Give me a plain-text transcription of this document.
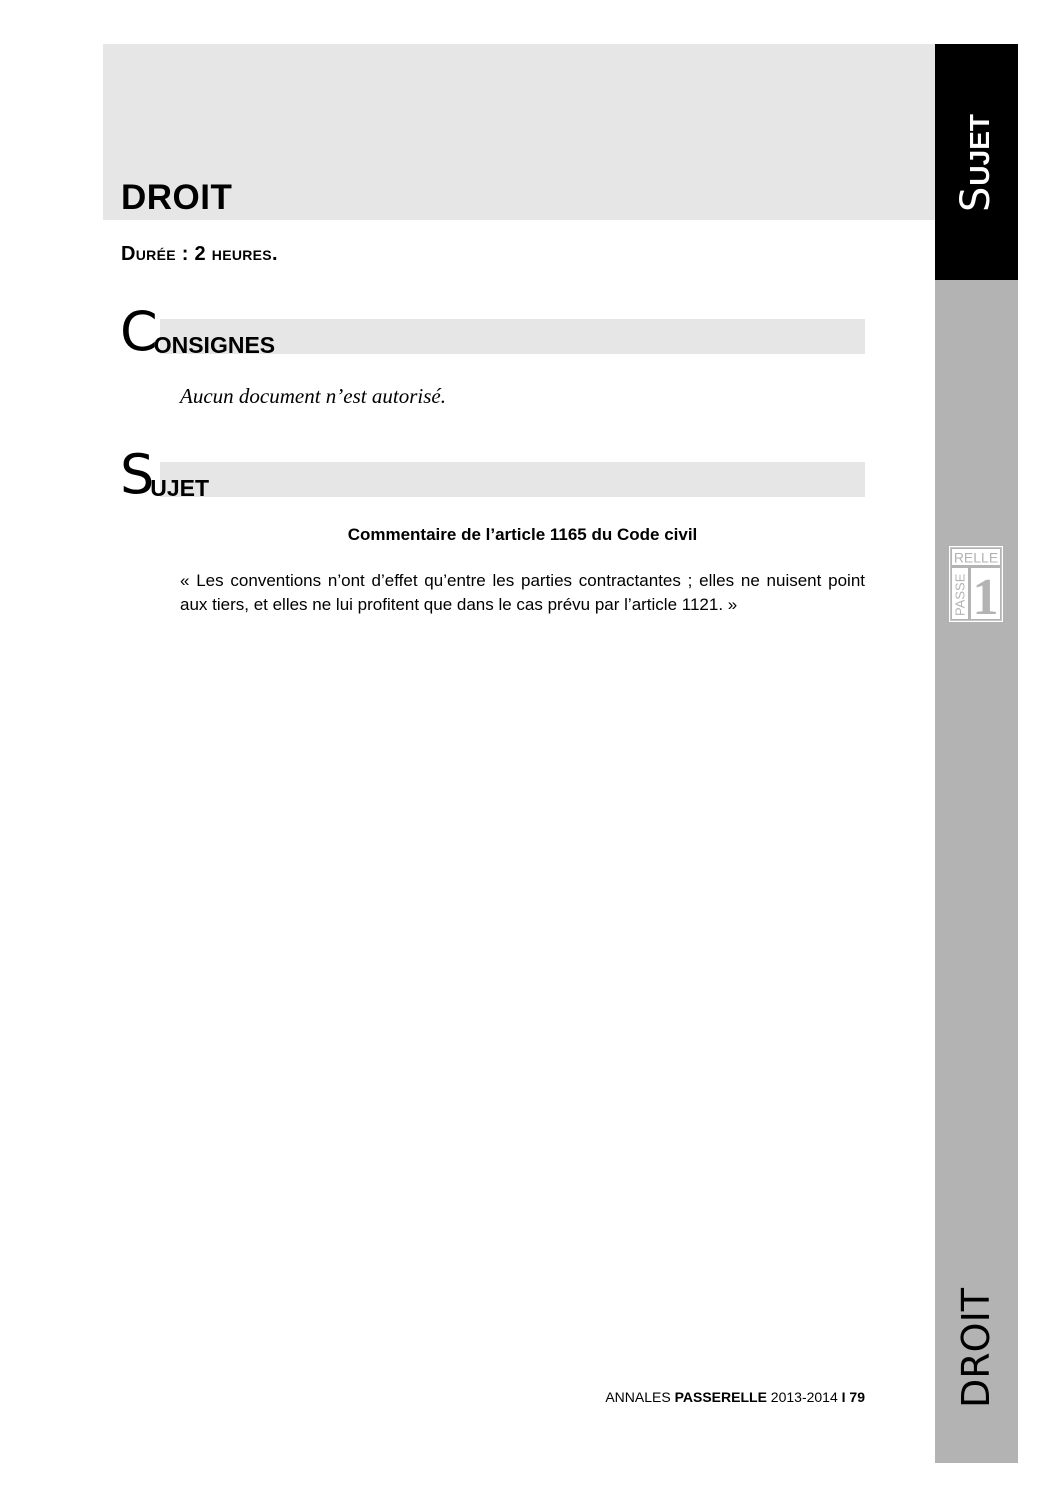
DROIT
Durée : 2 heures.
C
ONSIGNES
Aucun document n’est autorisé.
S
UJET
Commentaire de l’article 1165 du Code civil
« Les conventions n’ont d’effet qu’entre les parties contractantes ; elles ne nuisent point aux tiers, et elles ne lui profitent que dans le cas prévu par l’article 1121. »
ANNALES PASSERELLE 2013-2014 I 79
S
UJET
DROIT
RELLE
PASSE 1
